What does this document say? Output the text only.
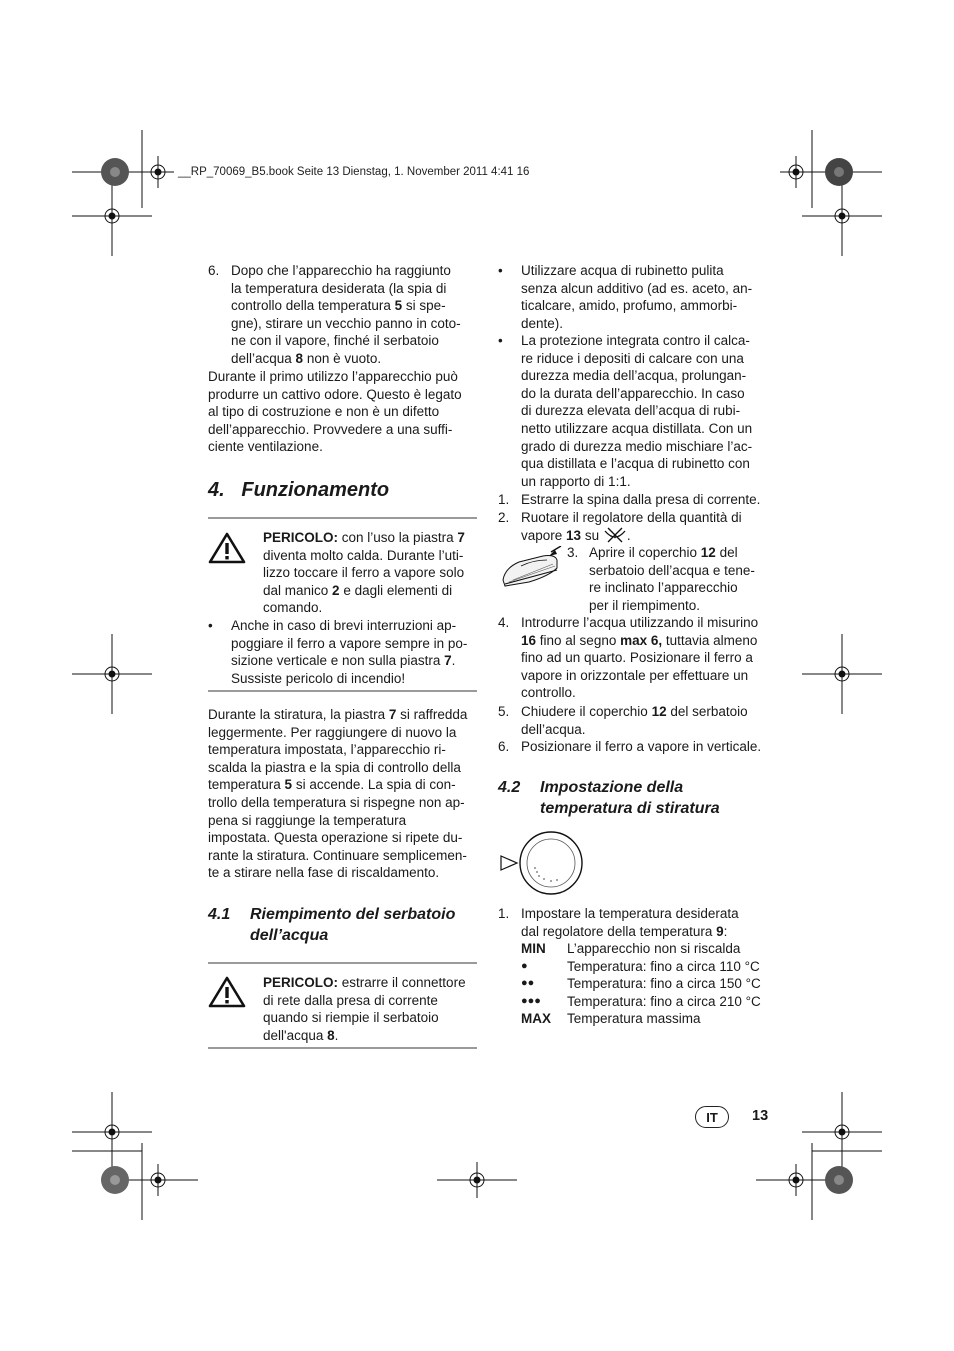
__RP_70069_B5.book Seite 13 Dienstag, 1. November 2011 4:41 16
6. Dopo che l’apparecchio ha raggiunto
la temperatura desiderata (la spia di
controllo della temperatura 5 si spe-
gne), stirare un vecchio panno in coto-
ne con il vapore, finché il serbatoio
dell’acqua 8 non è vuoto.
Durante il primo utilizzo l’apparecchio può
produrre un cattivo odore. Questo è legato
al tipo di costruzione e non è un difetto
dell’apparecchio. Provvedere a una suffi-
ciente ventilazione.
4.   Funzionamento
PERICOLO: con l’uso la piastra 7
diventa molto calda. Durante l’uti-
lizzo toccare il ferro a vapore solo
dal manico 2 e dagli elementi di
comando.
• Anche in caso di brevi interruzioni ap-
poggiare il ferro a vapore sempre in po-
sizione verticale e non sulla piastra 7.
Sussiste pericolo di incendio!
Durante la stiratura, la piastra 7 si raffredda
leggermente. Per raggiungere di nuovo la
temperatura impostata, l’apparecchio ri-
scalda la piastra e la spia di controllo della
temperatura 5 si accende. La spia di con-
trollo della temperatura si rispegne non ap-
pena si raggiunge la temperatura
impostata. Questa operazione si ripete du-
rante la stiratura. Continuare semplicemen-
te a stirare nella fase di riscaldamento.
4.1 Riempimento del serbatoio
dell’acqua
PERICOLO: estrarre il connettore
di rete dalla presa di corrente
quando si riempie il serbatoio
dell'acqua 8.
• Utilizzare acqua di rubinetto pulita
senza alcun additivo (ad es. aceto, an-
ticalcare, amido, profumo, ammorbi-
dente).
• La protezione integrata contro il calca-
re riduce i depositi di calcare con una
durezza media dell’acqua, prolungan-
do la durata dell’apparecchio. In caso
di durezza elevata dell’acqua di rubi-
netto utilizzare acqua distillata. Con un
grado di durezza medio mischiare l’ac-
qua distillata e l’acqua di rubinetto con
un rapporto di 1:1.
1. Estrarre la spina dalla presa di corrente.
2. Ruotare il regolatore della quantità di
vapore 13 su .
3. Aprire il coperchio 12 del
serbatoio dell’acqua e tene-
re inclinato l’apparecchio
per il riempimento.
4. Introdurre l’acqua utilizzando il misurino
16 fino al segno max 6, tuttavia almeno
fino ad un quarto. Posizionare il ferro a
vapore in orizzontale per effettuare un
controllo.
5. Chiudere il coperchio 12 del serbatoio
dell’acqua.
6. Posizionare il ferro a vapore in verticale.
4.2 Impostazione della
temperatura di stiratura
1. Impostare la temperatura desiderata
dal regolatore della temperatura 9:
MIN L’apparecchio non si riscalda
●	Temperatura: fino a circa 110 °C
●● Temperatura: fino a circa 150 °C
●●● Temperatura: fino a circa 210 °C
MAX Temperatura massima
IT	13
